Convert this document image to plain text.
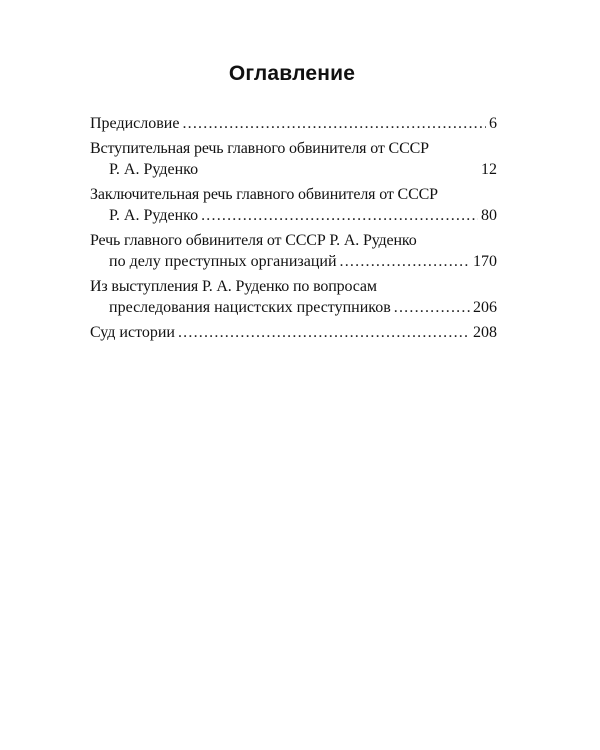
Оглавление
Предисловие . . .	6
Вступительная речь главного обвинителя от СССР
Р. А. Руденко	12
Заключительная речь главного обвинителя от СССР
Р. А. Руденко . . .	80
Речь главного обвинителя от СССР Р. А. Руденко
по делу преступных организаций . . .	170
Из выступления Р. А. Руденко по вопросам
преследования нацистских преступников . . .	206
Суд истории . . .	208
